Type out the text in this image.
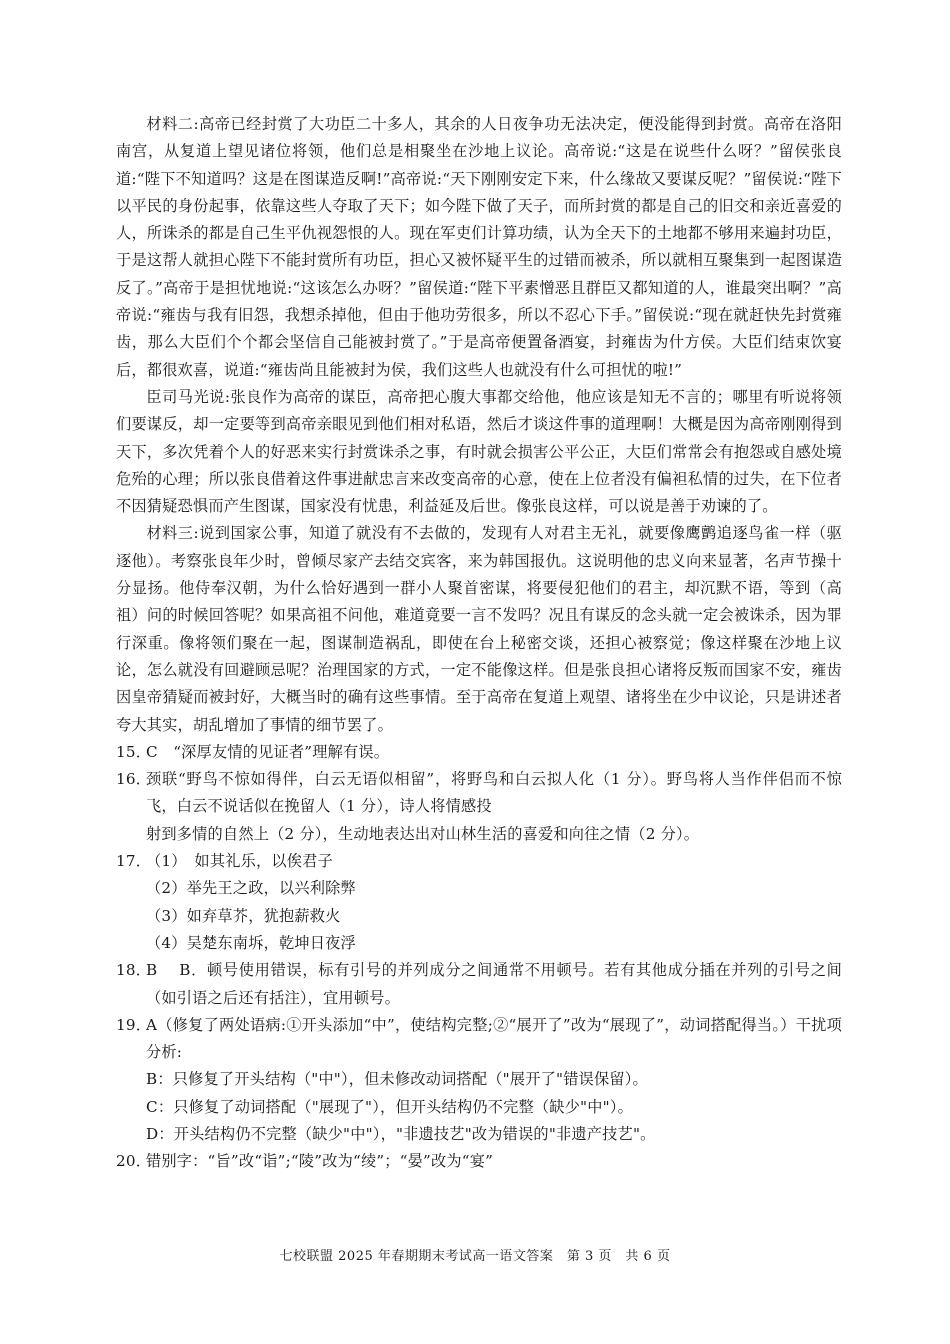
材料二:高帝已经封赏了大功臣二十多人，其余的人日夜争功无法决定，便没能得到封赏。高帝在洛阳南宫，从复道上望见诸位将领，他们总是相聚坐在沙地上议论。高帝说:“这是在说些什么呀？”留侯张良道:“陛下不知道吗？这是在图谋造反啊!”高帝说:“天下刚刚安定下来，什么缘故又要谋反呢？”留侯说:“陛下以平民的身份起事，依靠这些人夺取了天下；如今陛下做了天子，而所封赏的都是自己的旧交和亲近喜爱的人，所诛杀的都是自己生平仇视怨恨的人。现在军吏们计算功绩，认为全天下的土地都不够用来遍封功臣，于是这帮人就担心陛下不能封赏所有功臣，担心又被怀疑平生的过错而被杀，所以就相互聚集到一起图谋造反了。”高帝于是担忧地说:“这该怎么办呀？”留侯道:“陛下平素憎恶且群臣又都知道的人，谁最突出啊？”高帝说:“雍齿与我有旧怨，我想杀掉他，但由于他功劳很多，所以不忍心下手。”留侯说:“现在就赶快先封赏雍齿，那么大臣们个个都会坚信自己能被封赏了。”于是高帝便置备酒宴，封雍齿为什方侯。大臣们结束饮宴后，都很欢喜，说道:“雍齿尚且能被封为侯，我们这些人也就没有什么可担忧的啦!”

臣司马光说:张良作为高帝的谋臣，高帝把心腹大事都交给他，他应该是知无不言的；哪里有听说将领们要谋反，却一定要等到高帝亲眼见到他们相对私语，然后才谈这件事的道理啊！大概是因为高帝刚刚得到天下，多次凭着个人的好恶来实行封赏诛杀之事，有时就会损害公平公正，大臣们常常会有抱怨或自感处境危殆的心理；所以张良借着这件事进献忠言来改变高帝的心意，使在上位者没有偏袒私情的过失，在下位者不因猜疑恐惧而产生图谋，国家没有忧患，利益延及后世。像张良这样，可以说是善于劝谏的了。

材料三:说到国家公事，知道了就没有不去做的，发现有人对君主无礼，就要像鹰鹯追逐鸟雀一样（驱逐他）。考察张良年少时，曾倾尽家产去结交宾客，来为韩国报仇。这说明他的忠义向来显著，名声节操十分显扬。他侍奉汉朝，为什么恰好遇到一群小人聚首密谋，将要侵犯他们的君主，却沉默不语，等到（高祖）问的时候回答呢？如果高祖不问他，难道竟要一言不发吗？况且有谋反的念头就一定会被诛杀，因为罪行深重。像将领们聚在一起，图谋制造祸乱，即使在台上秘密交谈，还担心被察觉；像这样聚在沙地上议论，怎么就没有回避顾忌呢？治理国家的方式，一定不能像这样。但是张良担心诸将反叛而国家不安，雍齿因皇帝猜疑而被封好，大概当时的确有这些事情。至于高帝在复道上观望、诸将坐在少中议论，只是讲述者夸大其实，胡乱增加了事情的细节罢了。

15．
C　“深厚友情的见证者”理解有误。
16．
颈联“野鸟不惊如得伴，白云无语似相留”，将野鸟和白云拟人化（1 分）。野鸟将人当作伴侣而不惊飞，白云不说话似在挽留人（1 分），诗人将情感投

射到多情的自然上（2 分），生动地表达出对山林生活的喜爱和向往之情（2 分）。

17．
（1）　如其礼乐，以俟君子

（2）举先王之政，以兴利除弊

（3）如弃草芥，犹抱薪救火

（4）吴楚东南坼，乾坤日夜浮

18．
B　 B．顿号使用错误，标有引号的并列成分之间通常不用顿号。若有其他成分插在并列的引号之间（如引语之后还有括注），宜用顿号。
19．
A（修复了两处语病:①开头添加“中”，使结构完整;②“展开了”改为“展现了”，动词搭配得当。）干扰项分析:

B：只修复了开头结构（"中"），但未修改动词搭配（"展开了"错误保留）。

C：只修复了动词搭配（"展现了"），但开头结构仍不完整（缺少"中"）。

D：开头结构仍不完整（缺少"中"），"非遗技艺"改为错误的"非遗产技艺"。

20．
错别字：“旨”改“诣”;“陵”改为“绫”；“晏”改为“宴”
七校联盟 2025 年春期期末考试高一语文答案　第 3 页　共 6 页
